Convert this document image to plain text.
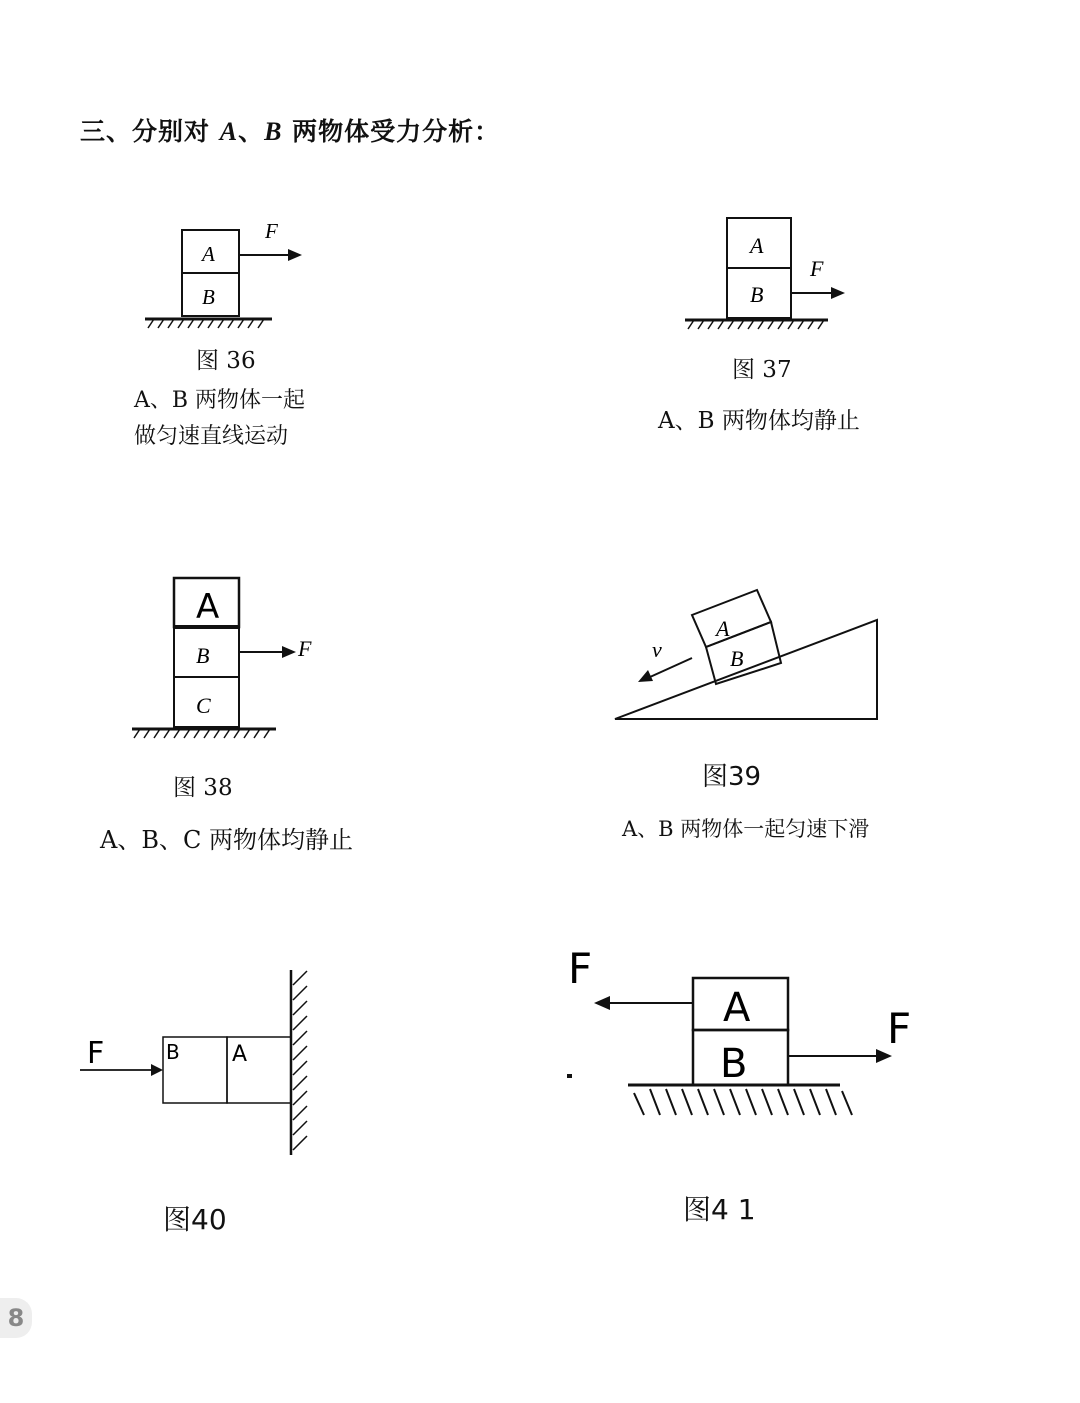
三、分别对 A、B 两物体受力分析：
A
B
F
图 36
A、B 两物体一起
做匀速直线运动
A
B
F
图 37
A、B 两物体均静止
A
B
C
F
图 38
A、B、C 两物体均静止
A
B
v
图39
A、B 两物体一起匀速下滑
B A
F
图40
A
B
F
F
图4 1
8
